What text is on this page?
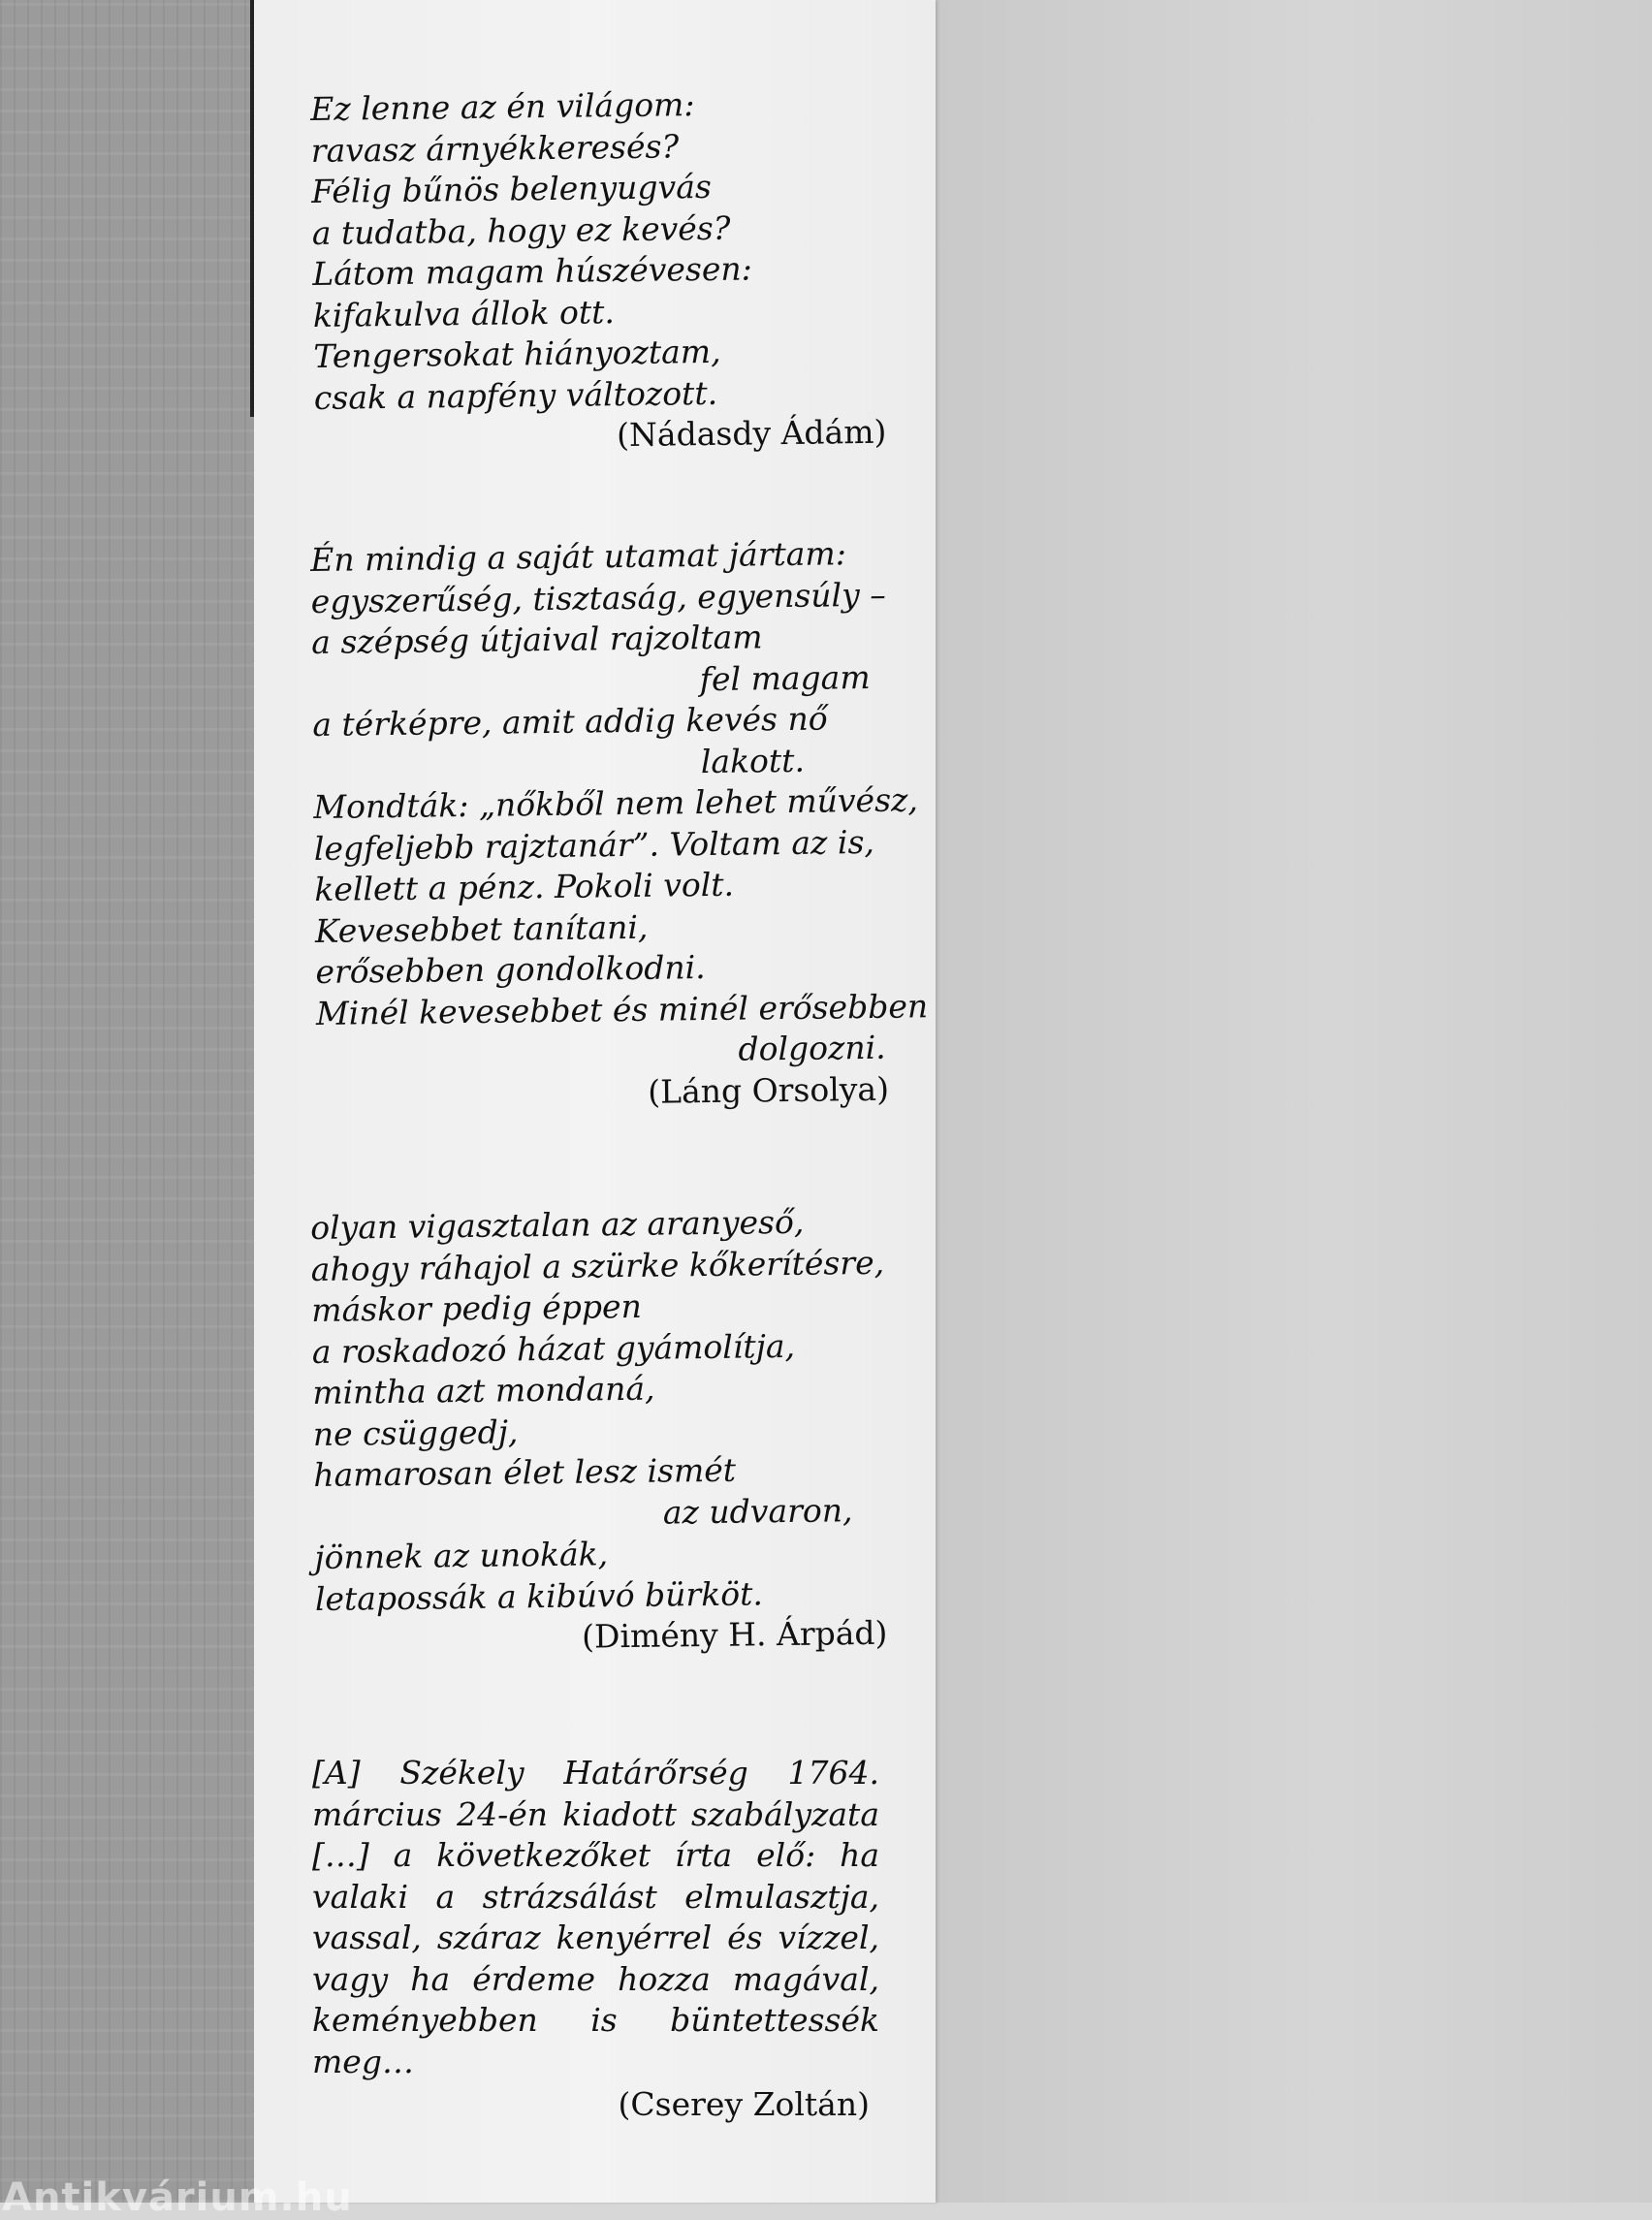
Ez lenne az én világom:
ravasz árnyékkeresés?
Félig bűnös belenyugvás
a tudatba, hogy ez kevés?
Látom magam húszévesen:
kifakulva állok ott.
Tengersokat hiányoztam,
csak a napfény változott.
(Nádasdy Ádám)
Én mindig a saját utamat jártam:
egyszerűség, tisztaság, egyensúly –
a szépség útjaival rajzoltam
fel magam
a térképre, amit addig kevés nő
lakott.
Mondták: „nőkből nem lehet művész,
legfeljebb rajztanár”. Voltam az is,
kellett a pénz. Pokoli volt.
Kevesebbet tanítani,
erősebben gondolkodni.
Minél kevesebbet és minél erősebben
dolgozni.
(Láng Orsolya)
olyan vigasztalan az aranyeső,
ahogy ráhajol a szürke kőkerítésre,
máskor pedig éppen
a roskadozó házat gyámolítja,
mintha azt mondaná,
ne csüggedj,
hamarosan élet lesz ismét
az udvaron,
jönnek az unokák,
letapossák a kibúvó bürköt.
(Dimény H. Árpád)
[A] Székely Határőrség 1764. március 24-én kiadott szabályzata […] a következőket írta elő: ha valaki a strázsálást elmulasztja, vassal, száraz kenyérrel és vízzel, vagy ha érdeme hozza magával, keményebben is büntettessék meg…
(Cserey Zoltán)
Antikvárium.hu
